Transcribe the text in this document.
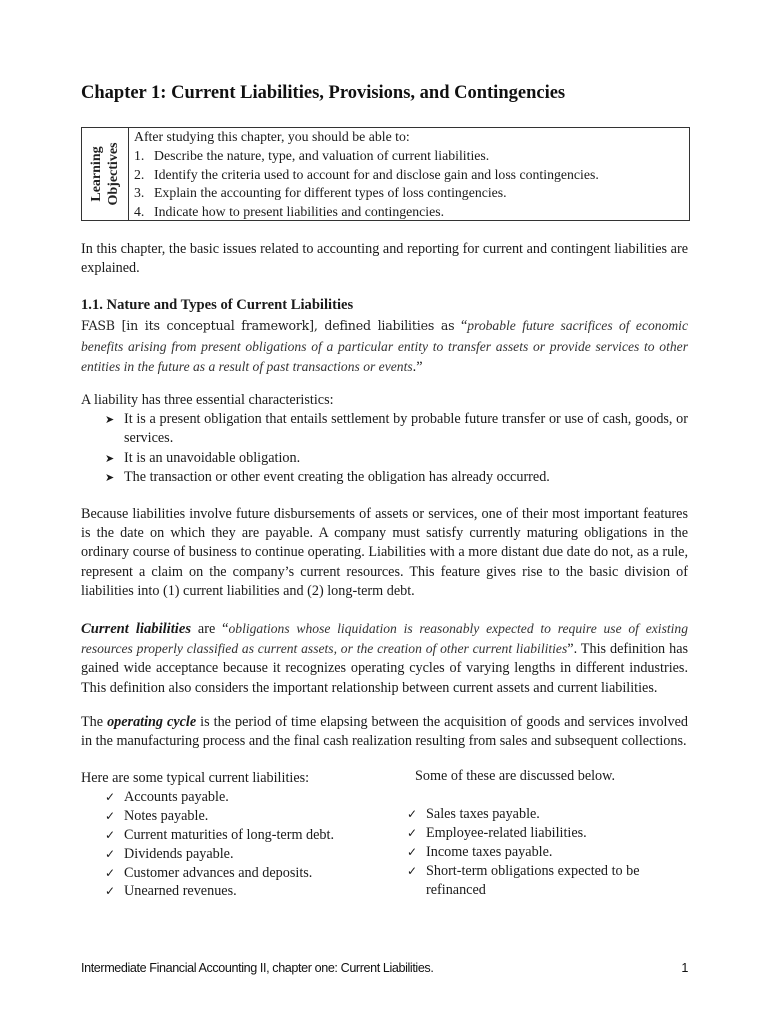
Chapter 1: Current Liabilities, Provisions, and Contingencies
Learning Objectives
After studying this chapter, you should be able to:
1. Describe the nature, type, and valuation of current liabilities.
2. Identify the criteria used to account for and disclose gain and loss contingencies.
3. Explain the accounting for different types of loss contingencies.
4. Indicate how to present liabilities and contingencies.
In this chapter, the basic issues related to accounting and reporting for current and contingent liabilities are explained.
1.1. Nature and Types of Current Liabilities
FASB [in its conceptual framework], defined liabilities as “probable future sacrifices of economic benefits arising from present obligations of a particular entity to transfer assets or provide services to other entities in the future as a result of past transactions or events.”
A liability has three essential characteristics:
➤ It is a present obligation that entails settlement by probable future transfer or use of cash, goods, or services.
➤ It is an unavoidable obligation.
➤ The transaction or other event creating the obligation has already occurred.
Because liabilities involve future disbursements of assets or services, one of their most important features is the date on which they are payable. A company must satisfy currently maturing obligations in the ordinary course of business to continue operating. Liabilities with a more distant due date do not, as a rule, represent a claim on the company’s current resources. This feature gives rise to the basic division of liabilities into (1) current liabilities and (2) long-term debt.
Current liabilities are “obligations whose liquidation is reasonably expected to require use of existing resources properly classified as current assets, or the creation of other current liabilities”. This definition has gained wide acceptance because it recognizes operating cycles of varying lengths in different industries. This definition also considers the important relationship between current assets and current liabilities.
The operating cycle is the period of time elapsing between the acquisition of goods and services involved in the manufacturing process and the final cash realization resulting from sales and subsequent collections.
Here are some typical current liabilities:
✓ Accounts payable.
✓ Notes payable.
✓ Current maturities of long-term debt.
✓ Dividends payable.
✓ Customer advances and deposits.
✓ Unearned revenues.
Some of these are discussed below.
✓ Sales taxes payable.
✓ Employee-related liabilities.
✓ Income taxes payable.
✓ Short-term obligations expected to be refinanced
Intermediate Financial Accounting II, chapter one: Current Liabilities.	1
